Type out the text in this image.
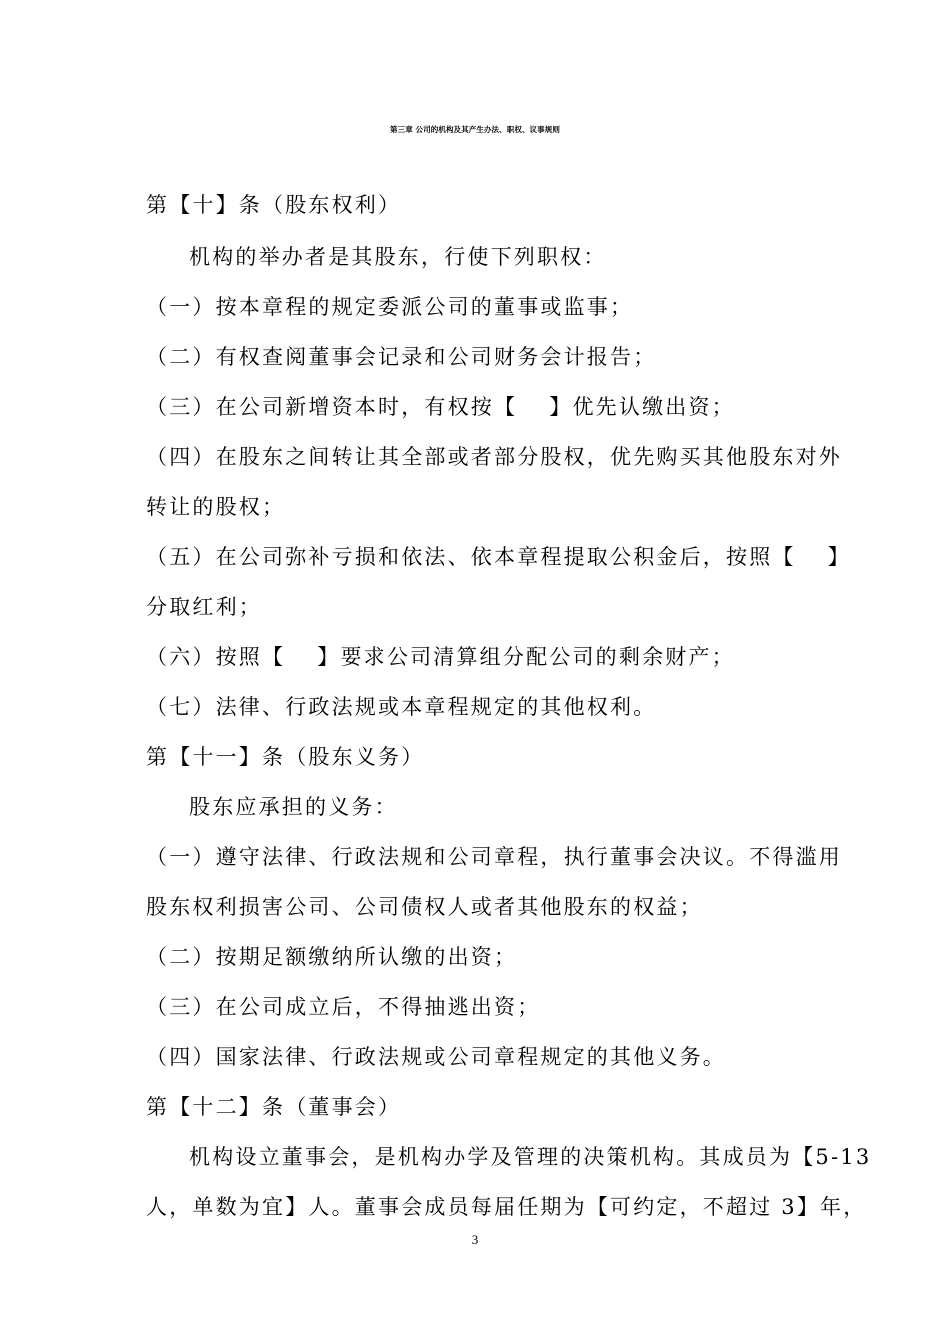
第三章 公司的机构及其产生办法、职权、议事规则
第【十】条（股东权利）
机构的举办者是其股东，行使下列职权：
（一）按本章程的规定委派公司的董事或监事；
（二）有权查阅董事会记录和公司财务会计报告；
（三）在公司新增资本时，有权按【　 】优先认缴出资；
（四）在股东之间转让其全部或者部分股权，优先购买其他股东对外
转让的股权；
（五）在公司弥补亏损和依法、依本章程提取公积金后，按照【　 】
分取红利；
（六）按照【　 】要求公司清算组分配公司的剩余财产；
（七）法律、行政法规或本章程规定的其他权利。
第【十一】条（股东义务）
股东应承担的义务：
（一）遵守法律、行政法规和公司章程，执行董事会决议。不得滥用
股东权利损害公司、公司债权人或者其他股东的权益；
（二）按期足额缴纳所认缴的出资；
（三）在公司成立后，不得抽逃出资；
（四）国家法律、行政法规或公司章程规定的其他义务。
第【十二】条（董事会）
机构设立董事会，是机构办学及管理的决策机构。其成员为【5-13
人，单数为宜】人。董事会成员每届任期为【可约定，不超过 3】年，
3
